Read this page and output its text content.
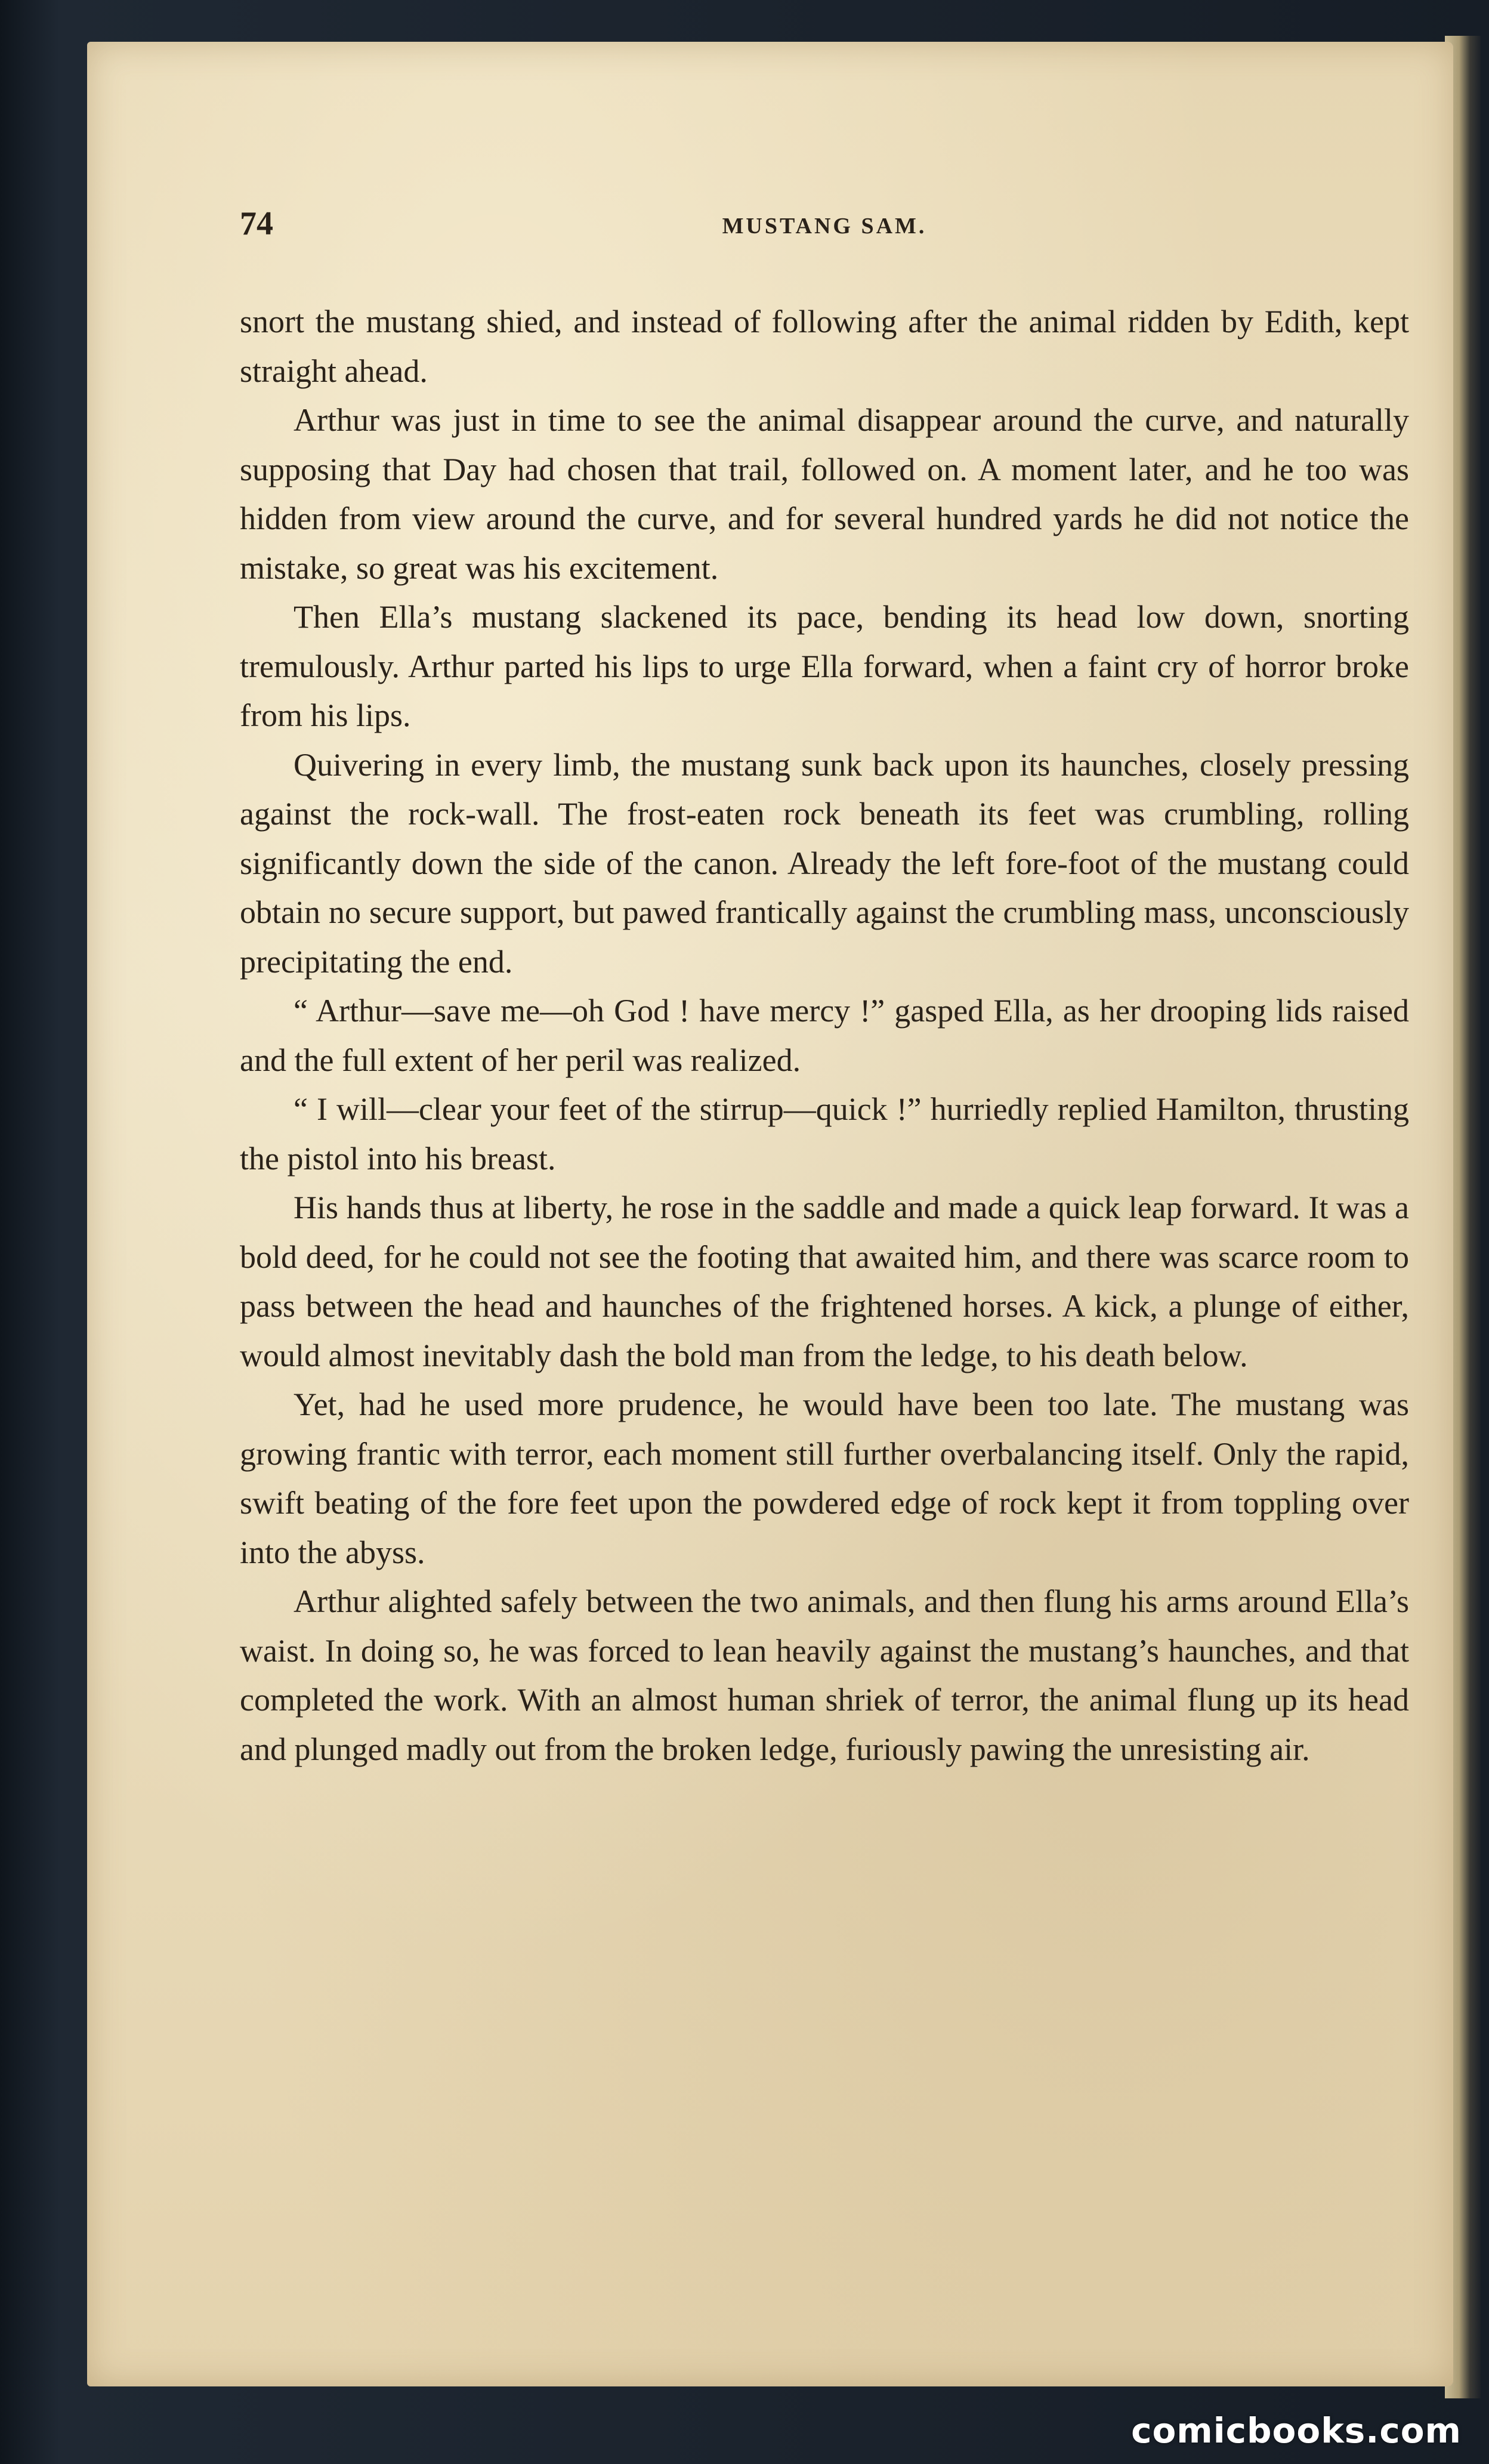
74	MUSTANG SAM.

snort the mustang shied, and instead of following after the animal ridden by Edith, kept straight ahead.

Arthur was just in time to see the animal disappear around the curve, and naturally supposing that Day had chosen that trail, followed on. A moment later, and he too was hidden from view around the curve, and for several hundred yards he did not notice the mistake, so great was his excitement.

Then Ella’s mustang slackened its pace, bending its head low down, snorting tremulously. Arthur parted his lips to urge Ella forward, when a faint cry of horror broke from his lips.

Quivering in every limb, the mustang sunk back upon its haunches, closely pressing against the rock-wall. The frost-eaten rock beneath its feet was crumbling, rolling significantly down the side of the canon. Already the left fore-foot of the mustang could obtain no secure support, but pawed frantically against the crumbling mass, unconsciously precipitating the end.

“ Arthur—save me—oh God ! have mercy !” gasped Ella, as her drooping lids raised and the full extent of her peril was realized.

“ I will—clear your feet of the stirrup—quick !” hurriedly replied Hamilton, thrusting the pistol into his breast.

His hands thus at liberty, he rose in the saddle and made a quick leap forward. It was a bold deed, for he could not see the footing that awaited him, and there was scarce room to pass between the head and haunches of the frightened horses. A kick, a plunge of either, would almost inevitably dash the bold man from the ledge, to his death below.

Yet, had he used more prudence, he would have been too late. The mustang was growing frantic with terror, each moment still further overbalancing itself. Only the rapid, swift beating of the fore feet upon the powdered edge of rock kept it from toppling over into the abyss.

Arthur alighted safely between the two animals, and then flung his arms around Ella’s waist. In doing so, he was forced to lean heavily against the mustang’s haunches, and that completed the work. With an almost human shriek of terror, the animal flung up its head and plunged madly out from the broken ledge, furiously pawing the unresisting air.

comicbooks.com
